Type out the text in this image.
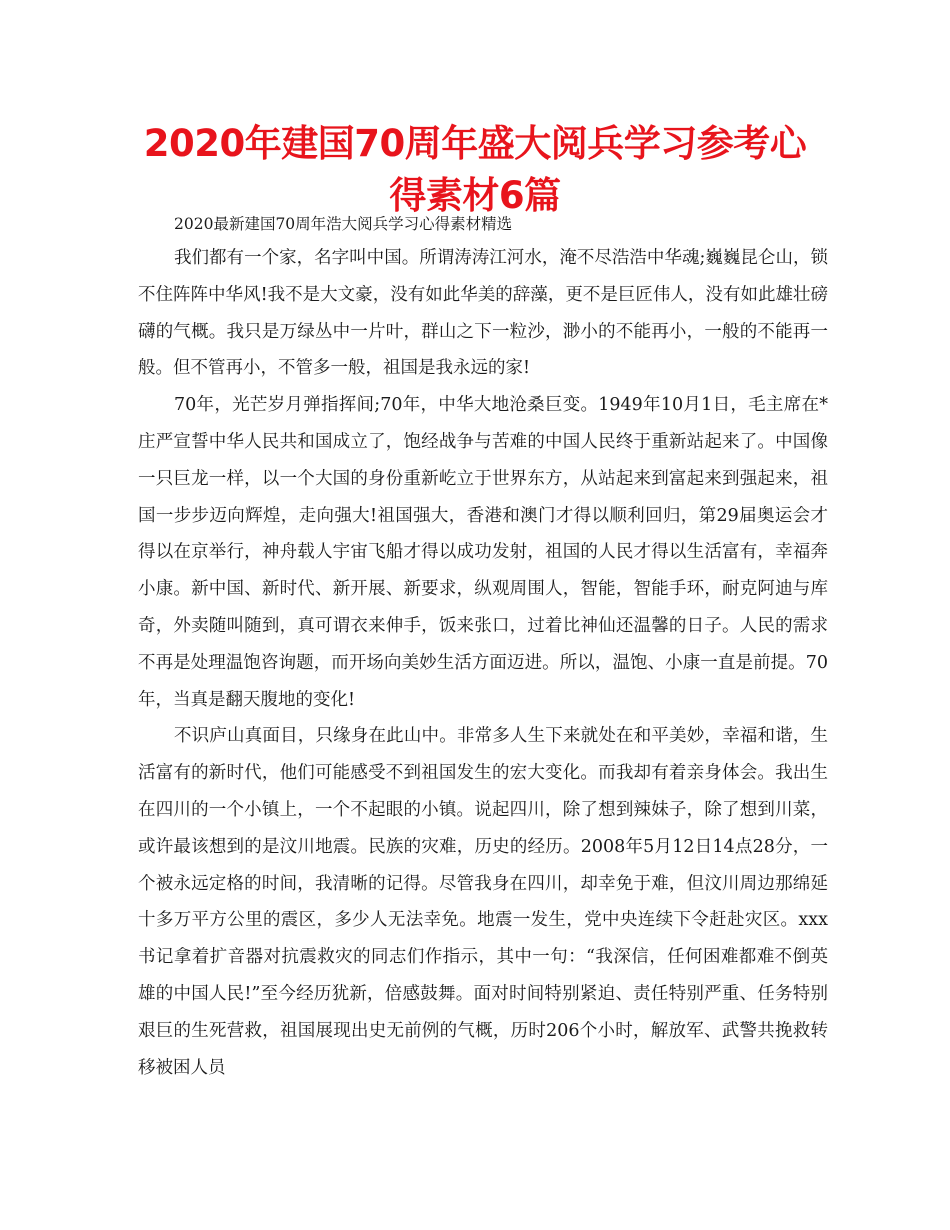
2020年建国70周年盛大阅兵学习参考心得素材6篇

2020最新建国70周年浩大阅兵学习心得素材精选

我们都有一个家，名字叫中国。所谓涛涛江河水，淹不尽浩浩中华魂;巍巍昆仑山，锁不住阵阵中华风!我不是大文豪，没有如此华美的辞藻，更不是巨匠伟人，没有如此雄壮磅礴的气概。我只是万绿丛中一片叶，群山之下一粒沙，渺小的不能再小，一般的不能再一般。但不管再小，不管多一般，祖国是我永远的家!

70年，光芒岁月弹指挥间;70年，中华大地沧桑巨变。1949年10月1日，毛主席在*庄严宣誓中华人民共和国成立了，饱经战争与苦难的中国人民终于重新站起来了。中国像一只巨龙一样，以一个大国的身份重新屹立于世界东方，从站起来到富起来到强起来，祖国一步步迈向辉煌，走向强大!祖国强大，香港和澳门才得以顺利回归，第29届奥运会才得以在京举行，神舟载人宇宙飞船才得以成功发射，祖国的人民才得以生活富有，幸福奔小康。新中国、新时代、新开展、新要求，纵观周围人，智能，智能手环，耐克阿迪与库奇，外卖随叫随到，真可谓衣来伸手，饭来张口，过着比神仙还温馨的日子。人民的需求不再是处理温饱咨询题，而开场向美妙生活方面迈进。所以，温饱、小康一直是前提。70年，当真是翻天腹地的变化!

不识庐山真面目，只缘身在此山中。非常多人生下来就处在和平美妙，幸福和谐，生活富有的新时代，他们可能感受不到祖国发生的宏大变化。而我却有着亲身体会。我出生在四川的一个小镇上，一个不起眼的小镇。说起四川，除了想到辣妹子，除了想到川菜，或许最该想到的是汶川地震。民族的灾难，历史的经历。2008年5月12日14点28分，一个被永远定格的时间，我清晰的记得。尽管我身在四川，却幸免于难，但汶川周边那绵延十多万平方公里的震区，多少人无法幸免。地震一发生，党中央连续下令赶赴灾区。xxx书记拿着扩音器对抗震救灾的同志们作指示，其中一句：“我深信，任何困难都难不倒英雄的中国人民!”至今经历犹新，倍感鼓舞。面对时间特别紧迫、责任特别严重、任务特别艰巨的生死营救，祖国展现出史无前例的气概，历时206个小时，解放军、武警共挽救转移被困人员
